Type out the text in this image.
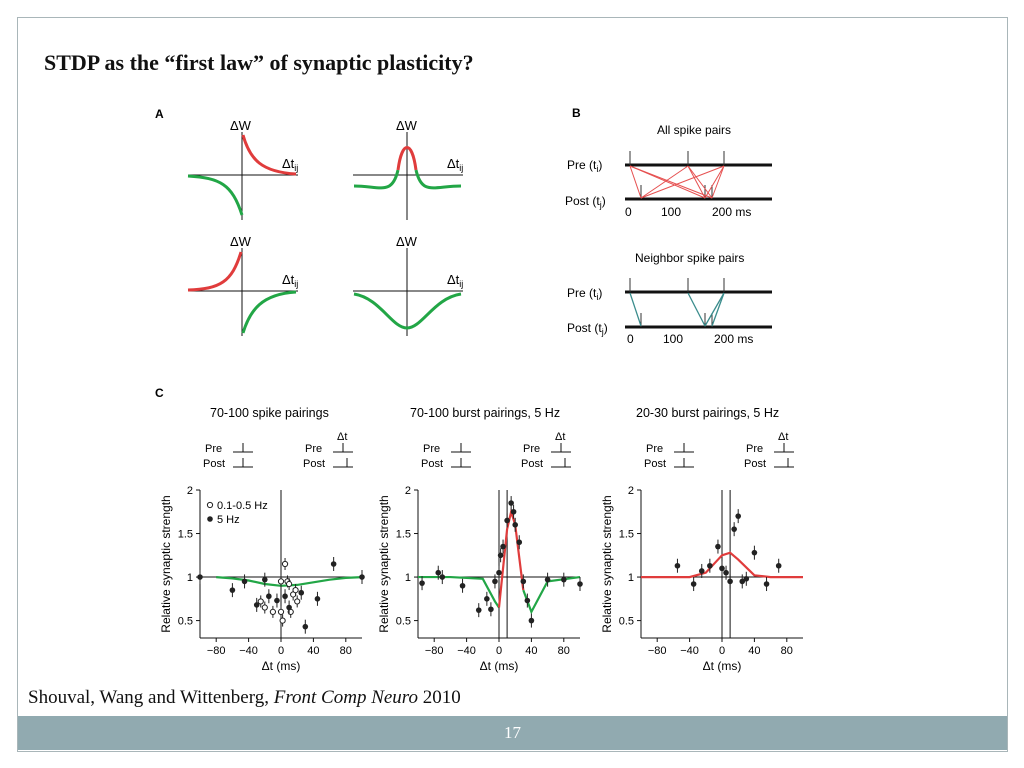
STDP as the “first law” of synaptic plasticity?
A
ΔW
$\Delta t_{ij}$
ΔW
$\Delta t_{ij}$
ΔW
$\Delta t_{ij}$
ΔW
$\Delta t_{ij}$
B
All spike pairs
Pre $(t_i)$
Post $(t_j)$
0 100	200 ms
Neighbor spike pairs
Pre $(t_i)$
Post $(t_j)$
0 100	200 ms
C
70-100 spike pairings
Pre	Pre
Post	Post
Δt
2
1.5
1
0.5
−80 −40 0 40 80
Δt (ms)
Relative synaptic strength	0.1-0.5 Hz
5 Hz
70-100 burst pairings, 5 Hz
Pre	Pre
Post	Post
Δt
2
1.5
1
0.5
−80 −40 0 40 80
Δt (ms)
Relative synaptic strength
20-30 burst pairings, 5 Hz
Pre	Pre
Post	Post
Δt
2
1.5
1
0.5
−80 −40 0 40 80
Δt (ms)
Relative synaptic strength
Shouval, Wang and Wittenberg, Front Comp Neuro 2010
17
